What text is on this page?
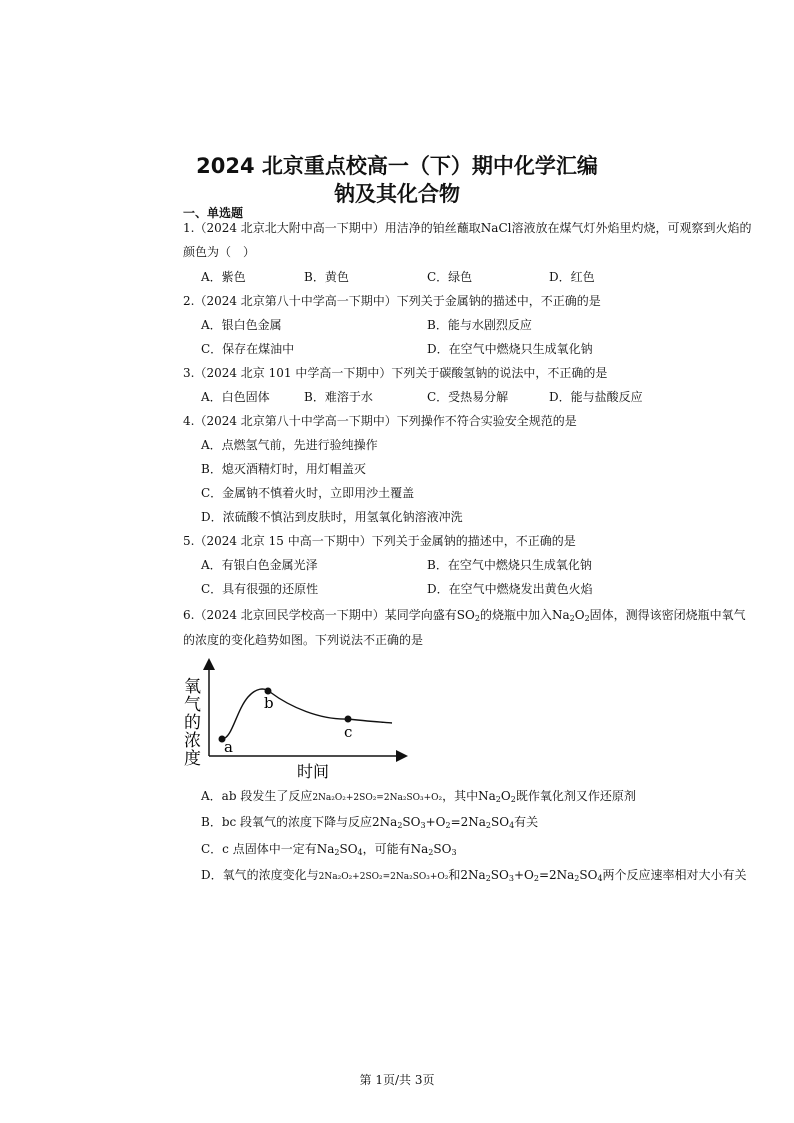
2024 北京重点校高一（下）期中化学汇编
钠及其化合物
一、单选题
1.（2024 北京北大附中高一下期中）用洁净的铂丝蘸取NaCl溶液放在煤气灯外焰里灼烧，可观察到火焰的
颜色为（　）
A．紫色	B．黄色	C．绿色	D．红色
2.（2024 北京第八十中学高一下期中）下列关于金属钠的描述中，不正确的是
A．银白色金属	B．能与水剧烈反应
C．保存在煤油中	D．在空气中燃烧只生成氧化钠
3.（2024 北京 101 中学高一下期中）下列关于碳酸氢钠的说法中，不正确的是
A．白色固体	B．难溶于水	C．受热易分解	D．能与盐酸反应
4.（2024 北京第八十中学高一下期中）下列操作不符合实验安全规范的是
A．点燃氢气前，先进行验纯操作
B．熄灭酒精灯时，用灯帽盖灭
C．金属钠不慎着火时，立即用沙土覆盖
D．浓硫酸不慎沾到皮肤时，用氢氧化钠溶液冲洗
5.（2024 北京 15 中高一下期中）下列关于金属钠的描述中，不正确的是
A．有银白色金属光泽	B．在空气中燃烧只生成氧化钠
C．具有很强的还原性	D．在空气中燃烧发出黄色火焰
6.（2024 北京回民学校高一下期中）某同学向盛有$SO_2$的烧瓶中加入$Na_2O_2$固体，测得该密闭烧瓶中氧气
的浓度的变化趋势如图。下列说法不正确的是
a
b
c
氧气的浓度
时间
A．ab 段发生了反应2Na₂O₂+2SO₂=2Na₂SO₃+O₂，其中$Na_2O_2$既作氧化剂又作还原剂
B．bc 段氧气的浓度下降与反应$2Na_2SO_3+O_2=2Na_2SO_4$有关
C．c 点固体中一定有$Na_2SO_4$，可能有$Na_2SO_3$
D．氧气的浓度变化与2Na₂O₂+2SO₂=2Na₂SO₃+O₂和$2Na_2SO_3+O_2=2Na_2SO_4$两个反应速率相对大小有关
第 1页/共 3页
